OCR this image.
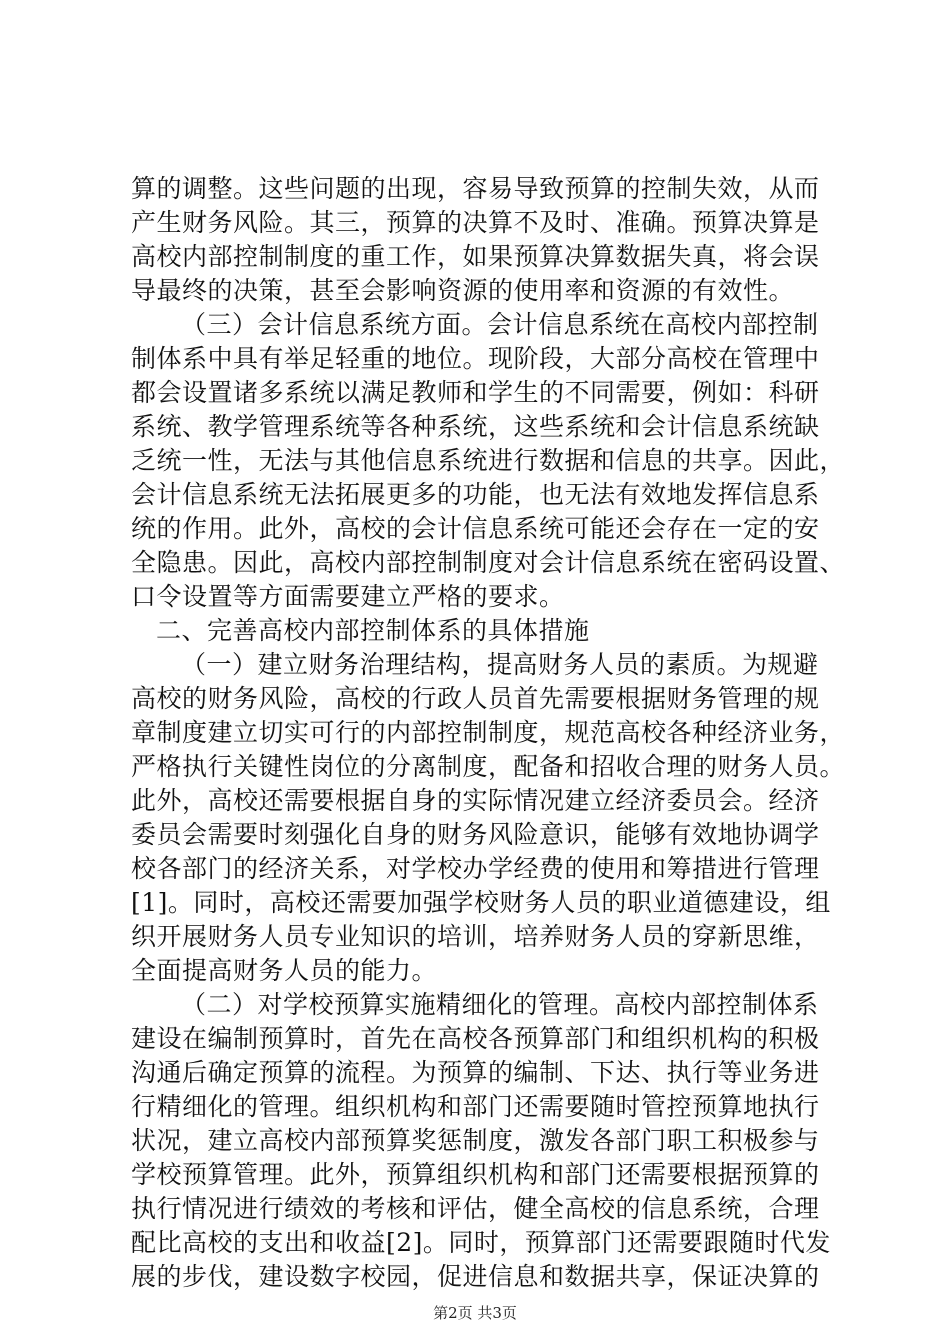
算的调整。这些问题的出现，容易导致预算的控制失效，从而
产生财务风险。其三，预算的决算不及时、准确。预算决算是
高校内部控制制度的重工作，如果预算决算数据失真，将会误
导最终的决策，甚至会影响资源的使用率和资源的有效性。
（三）会计信息系统方面。会计信息系统在高校内部控制
制体系中具有举足轻重的地位。现阶段，大部分高校在管理中
都会设置诸多系统以满足教师和学生的不同需要，例如：科研
系统、教学管理系统等各种系统，这些系统和会计信息系统缺
乏统一性，无法与其他信息系统进行数据和信息的共享。因此，
会计信息系统无法拓展更多的功能，也无法有效地发挥信息系
统的作用。此外，高校的会计信息系统可能还会存在一定的安
全隐患。因此，高校内部控制制度对会计信息系统在密码设置、
口令设置等方面需要建立严格的要求。
二、完善高校内部控制体系的具体措施
（一）建立财务治理结构，提高财务人员的素质。为规避
高校的财务风险，高校的行政人员首先需要根据财务管理的规
章制度建立切实可行的内部控制制度，规范高校各种经济业务，
严格执行关键性岗位的分离制度，配备和招收合理的财务人员。
此外，高校还需要根据自身的实际情况建立经济委员会。经济
委员会需要时刻强化自身的财务风险意识，能够有效地协调学
校各部门的经济关系，对学校办学经费的使用和筹措进行管理
[1]。同时，高校还需要加强学校财务人员的职业道德建设，组
织开展财务人员专业知识的培训，培养财务人员的穿新思维，
全面提高财务人员的能力。
（二）对学校预算实施精细化的管理。高校内部控制体系
建设在编制预算时，首先在高校各预算部门和组织机构的积极
沟通后确定预算的流程。为预算的编制、下达、执行等业务进
行精细化的管理。组织机构和部门还需要随时管控预算地执行
状况，建立高校内部预算奖惩制度，激发各部门职工积极参与
学校预算管理。此外，预算组织机构和部门还需要根据预算的
执行情况进行绩效的考核和评估，健全高校的信息系统，合理
配比高校的支出和收益[2]。同时，预算部门还需要跟随时代发
展的步伐，建设数字校园，促进信息和数据共享，保证决算的
第2页 共3页
